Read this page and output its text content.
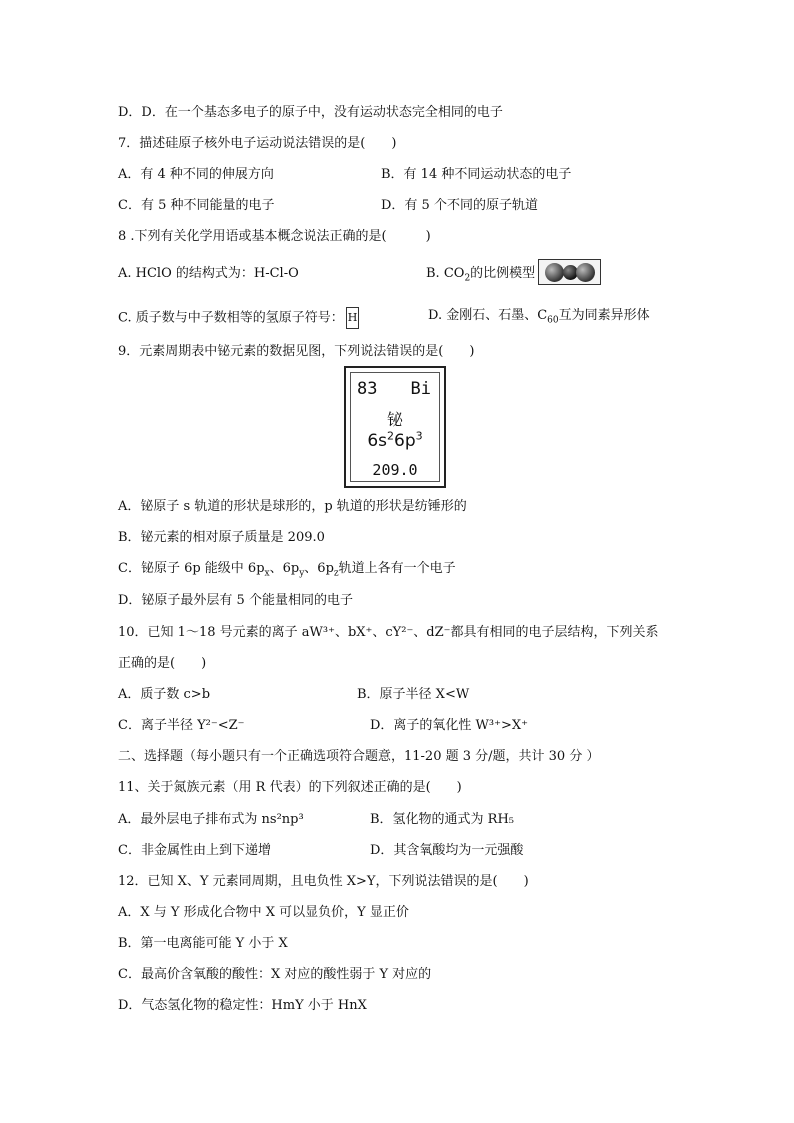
D．D．在一个基态多电子的原子中，没有运动状态完全相同的电子
7．描述硅原子核外电子运动说法错误的是(　　)
A．有 4 种不同的伸展方向	B．有 14 种不同运动状态的电子
C．有 5 种不同能量的电子	D．有 5 个不同的原子轨道
8 .下列有关化学用语或基本概念说法正确的是(　　　)
A. HClO 的结构式为：H-Cl-O	B. $CO_2$的比例模型
C. 质子数与中子数相等的氢原子符号： H	D. 金刚石、石墨、$C_{60}$互为同素异形体
9．元素周期表中铋元素的数据见图，下列说法错误的是(　　)
83 Bi
铋
$6s^26p^3$
209.0
A．铋原子 s 轨道的形状是球形的，p 轨道的形状是纺锤形的
B．铋元素的相对原子质量是 209.0
C．铋原子 6p 能级中 $6p_x$、$6p_y$、$6p_z$轨道上各有一个电子
D．铋原子最外层有 5 个能量相同的电子
10．已知 1～18 号元素的离子 aW³⁺、bX⁺、cY²⁻、dZ⁻都具有相同的电子层结构，下列关系
正确的是(　　)
A．质子数 c>b	B．原子半径 X<W
C．离子半径 Y²⁻<Z⁻	D．离子的氧化性 W³⁺>X⁺
二、选择题（每小题只有一个正确选项符合题意，11-20 题 3 分/题，共计 30 分 ）
11、关于氮族元素（用 R 代表）的下列叙述正确的是(　　)
A．最外层电子排布式为 ns²np³	B．氢化物的通式为 RH₅
C．非金属性由上到下递增	D．其含氧酸均为一元强酸
12．已知 X、Y 元素同周期，且电负性 X>Y，下列说法错误的是(　　)
A．X 与 Y 形成化合物中 X 可以显负价，Y 显正价
B．第一电离能可能 Y 小于 X
C．最高价含氧酸的酸性：X 对应的酸性弱于 Y 对应的
D．气态氢化物的稳定性：HmY 小于 HnX
